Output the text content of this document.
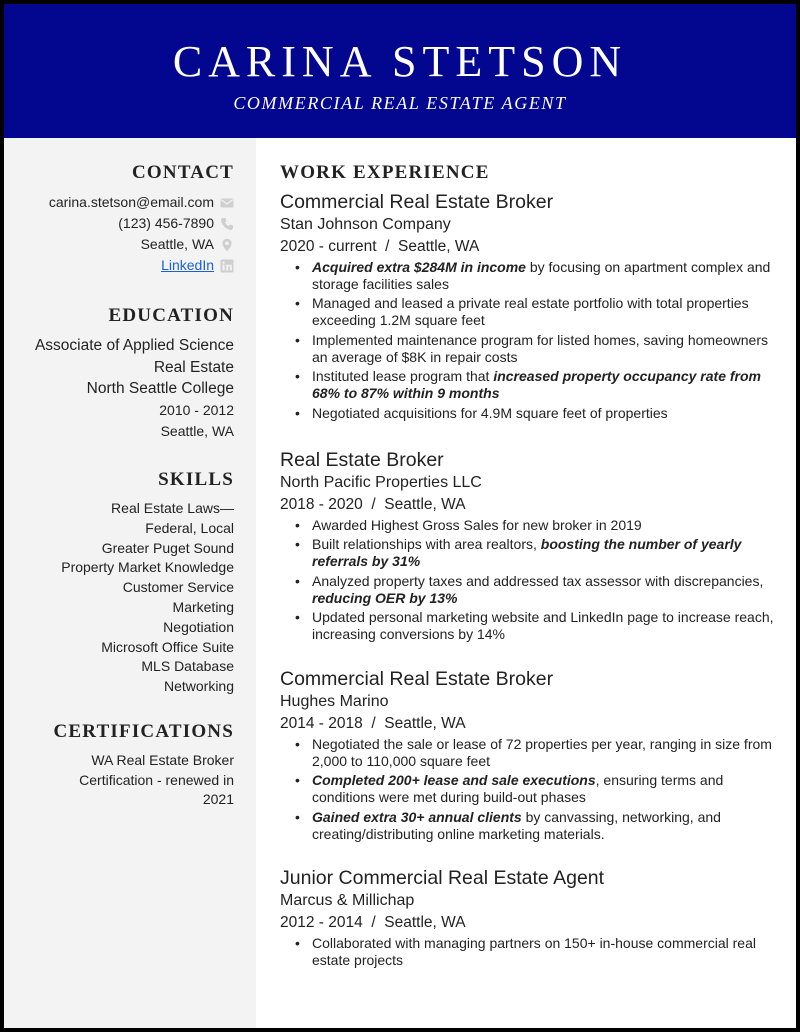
CARINA STETSON
COMMERCIAL REAL ESTATE AGENT
CONTACT
carina.stetson@email.com
(123) 456-7890
Seattle, WA
LinkedIn
EDUCATION
Associate of Applied Science
Real Estate
North Seattle College
2010 - 2012
Seattle, WA
SKILLS
Real Estate Laws—Federal, Local
Greater Puget Sound Property Market Knowledge
Customer Service
Marketing
Negotiation
Microsoft Office Suite
MLS Database
Networking
CERTIFICATIONS
WA Real Estate Broker Certification - renewed in 2021
WORK EXPERIENCE
Commercial Real Estate Broker
Stan Johnson Company
2020 - current  /  Seattle, WA
• Acquired extra $284M in income by focusing on apartment complex and storage facilities sales
• Managed and leased a private real estate portfolio with total properties exceeding 1.2M square feet
• Implemented maintenance program for listed homes, saving homeowners an average of $8K in repair costs
• Instituted lease program that increased property occupancy rate from 68% to 87% within 9 months
• Negotiated acquisitions for 4.9M square feet of properties
Real Estate Broker
North Pacific Properties LLC
2018 - 2020  /  Seattle, WA
• Awarded Highest Gross Sales for new broker in 2019
• Built relationships with area realtors, boosting the number of yearly referrals by 31%
• Analyzed property taxes and addressed tax assessor with discrepancies, reducing OER by 13%
• Updated personal marketing website and LinkedIn page to increase reach, increasing conversions by 14%
Commercial Real Estate Broker
Hughes Marino
2014 - 2018  /  Seattle, WA
• Negotiated the sale or lease of 72 properties per year, ranging in size from 2,000 to 110,000 square feet
• Completed 200+ lease and sale executions, ensuring terms and conditions were met during build-out phases
• Gained extra 30+ annual clients by canvassing, networking, and creating/distributing online marketing materials.
Junior Commercial Real Estate Agent
Marcus & Millichap
2012 - 2014  /  Seattle, WA
• Collaborated with managing partners on 150+ in-house commercial real estate projects
